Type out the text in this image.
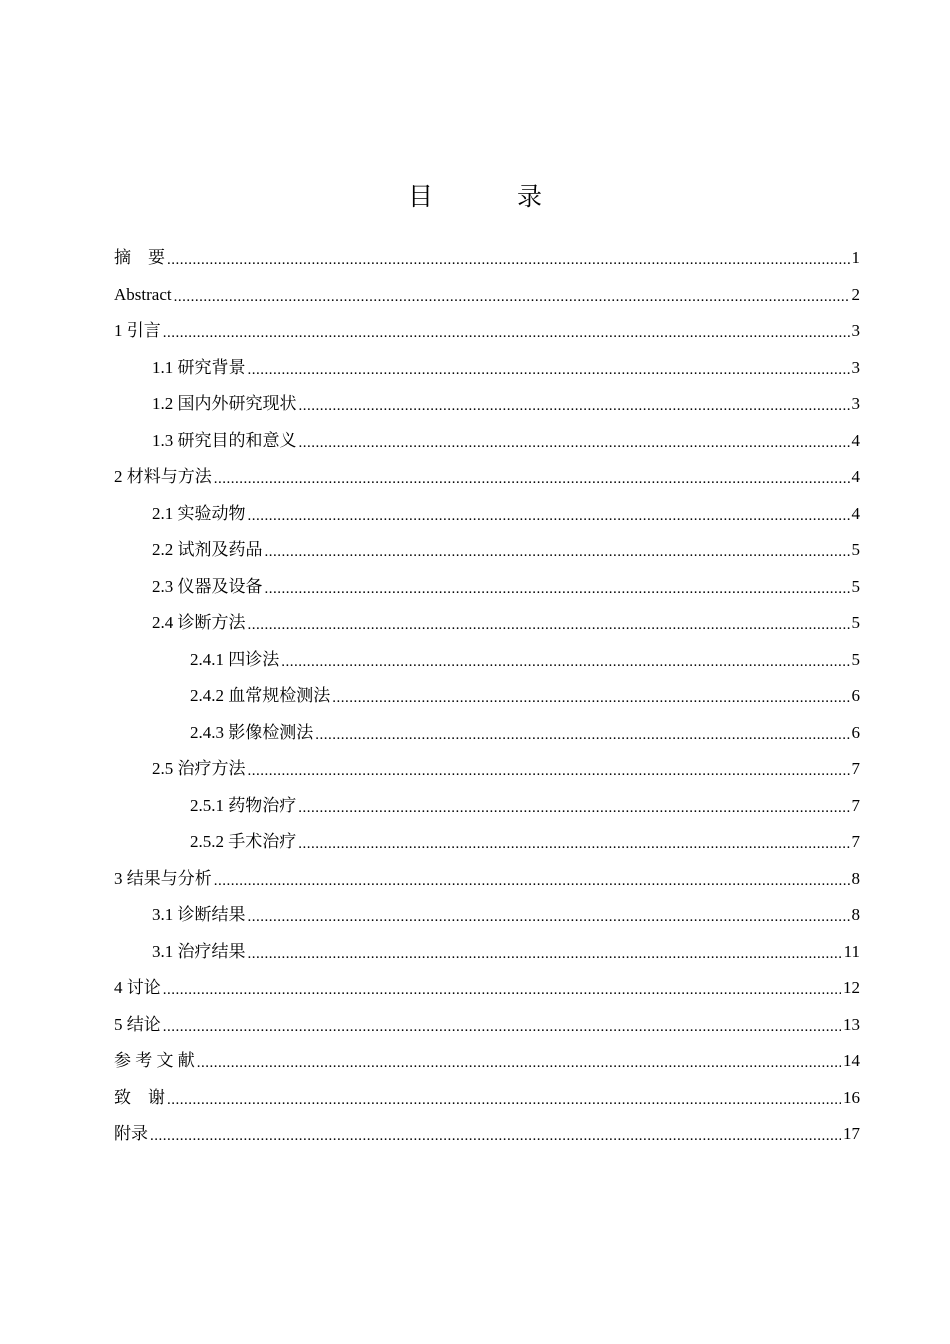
目 录
摘    要 .....	1
Abstract .....	2
1 引言 .....	3
1.1 研究背景 .....	3
1.2 国内外研究现状 .....	3
1.3 研究目的和意义 .....	4
2 材料与方法 .....	4
2.1 实验动物 .....	4
2.2 试剂及药品 .....	5
2.3 仪器及设备 .....	5
2.4 诊断方法 .....	5
2.4.1 四诊法 .....	5
2.4.2 血常规检测法 .....	6
2.4.3 影像检测法 .....	6
2.5 治疗方法 .....	7
2.5.1 药物治疗 .....	7
2.5.2 手术治疗 .....	7
3 结果与分析 .....	8
3.1 诊断结果 .....	8
3.1 治疗结果 .....	11
4 讨论 .....	12
5 结论 .....	13
参 考 文 献 .....	14
致    谢 .....	16
附录 .....	17
